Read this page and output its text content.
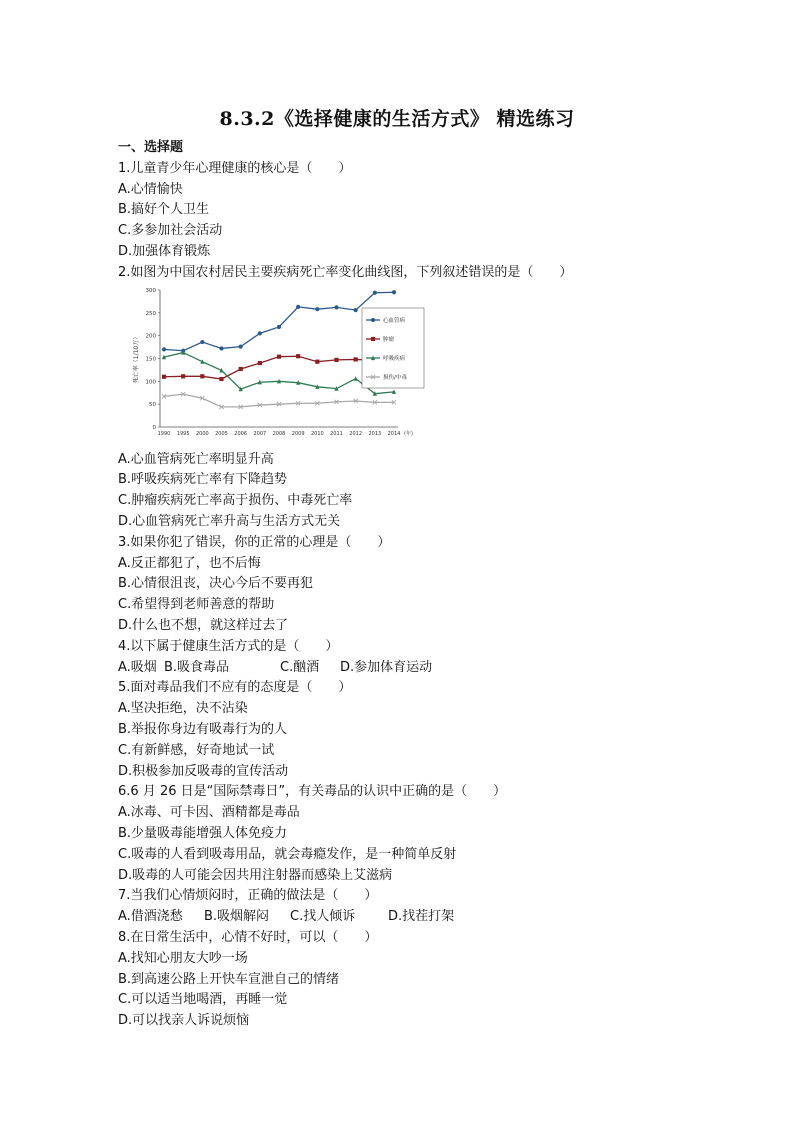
8.3.2《选择健康的生活方式》 精选练习
一、选择题
1.儿童青少年心理健康的核心是（　　）
A.心情愉快
B.搞好个人卫生
C.多参加社会活动
D.加强体育锻炼
2.如图为中国农村居民主要疾病死亡率变化曲线图，下列叙述错误的是（　　）
0
50
100
150
200
250
300
死亡率（1/10万）
1990 1995 2000 2005 2006 2007 2008 2009 2010 2011 2012 2013 2014 (年)
心血管病
肿瘤
呼吸疾病
损伤/中毒
A.心血管病死亡率明显升高
B.呼吸疾病死亡率有下降趋势
C.肿瘤疾病死亡率高于损伤、中毒死亡率
D.心血管病死亡率升高与生活方式无关
3.如果你犯了错误，你的正常的心理是（　　）
A.反正都犯了，也不后悔
B.心情很沮丧，决心今后不要再犯
C.希望得到老师善意的帮助
D.什么也不想，就这样过去了
4.以下属于健康生活方式的是（　　）
A.吸烟 B.吸食毒品	C.酗酒 D.参加体育运动
5.面对毒品我们不应有的态度是（　　）
A.坚决拒绝，决不沾染
B.举报你身边有吸毒行为的人
C.有新鲜感，好奇地试一试
D.积极参加反吸毒的宣传活动
6.6 月 26 日是“国际禁毒日”，有关毒品的认识中正确的是（　　）
A.冰毒、可卡因、酒精都是毒品
B.少量吸毒能增强人体免疫力
C.吸毒的人看到吸毒用品，就会毒瘾发作，是一种简单反射
D.吸毒的人可能会因共用注射器而感染上艾滋病
7.当我们心情烦闷时，正确的做法是（　　）
A.借酒浇愁 B.吸烟解闷 C.找人倾诉	D.找茬打架
8.在日常生活中，心情不好时，可以（　　）
A.找知心朋友大吵一场
B.到高速公路上开快车宣泄自己的情绪
C.可以适当地喝酒，再睡一觉
D.可以找亲人诉说烦恼
